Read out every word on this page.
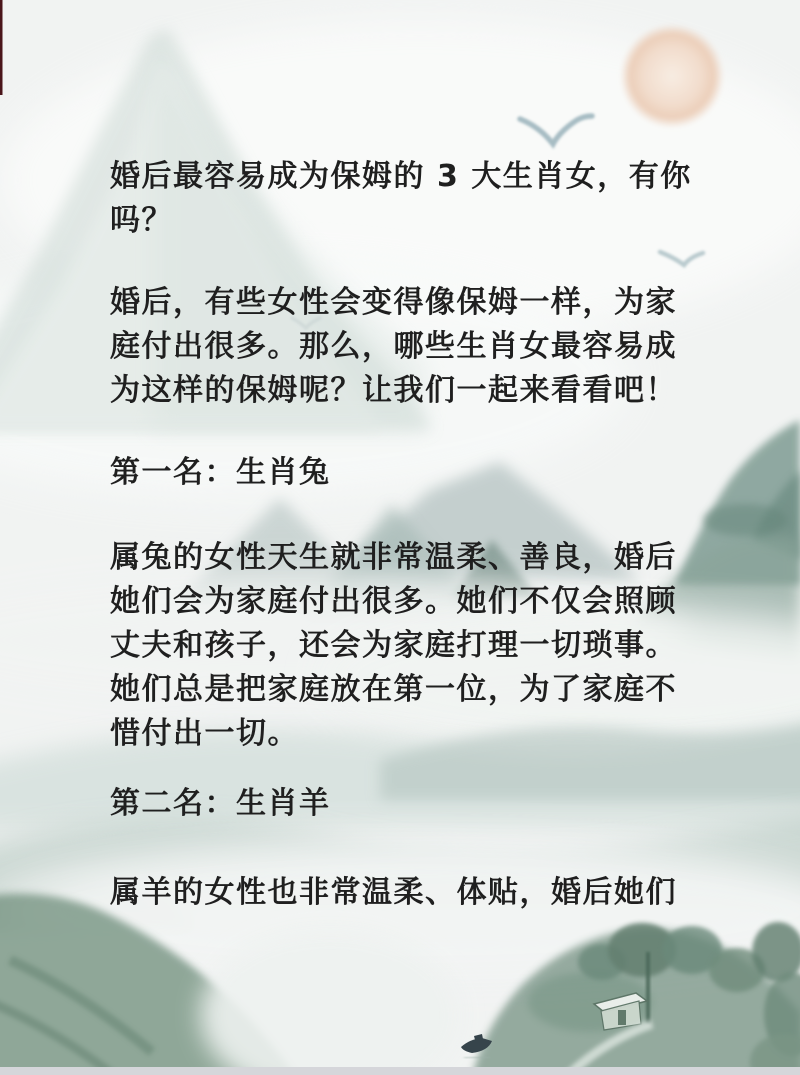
婚后最容易成为保姆的 3 大生肖女，有你
吗？

婚后，有些女性会变得像保姆一样，为家
庭付出很多。那么，哪些生肖女最容易成
为这样的保姆呢？让我们一起来看看吧！

第一名：生肖兔

属兔的女性天生就非常温柔、善良，婚后
她们会为家庭付出很多。她们不仅会照顾
丈夫和孩子，还会为家庭打理一切琐事。
她们总是把家庭放在第一位，为了家庭不
惜付出一切。

第二名：生肖羊

属羊的女性也非常温柔、体贴，婚后她们
